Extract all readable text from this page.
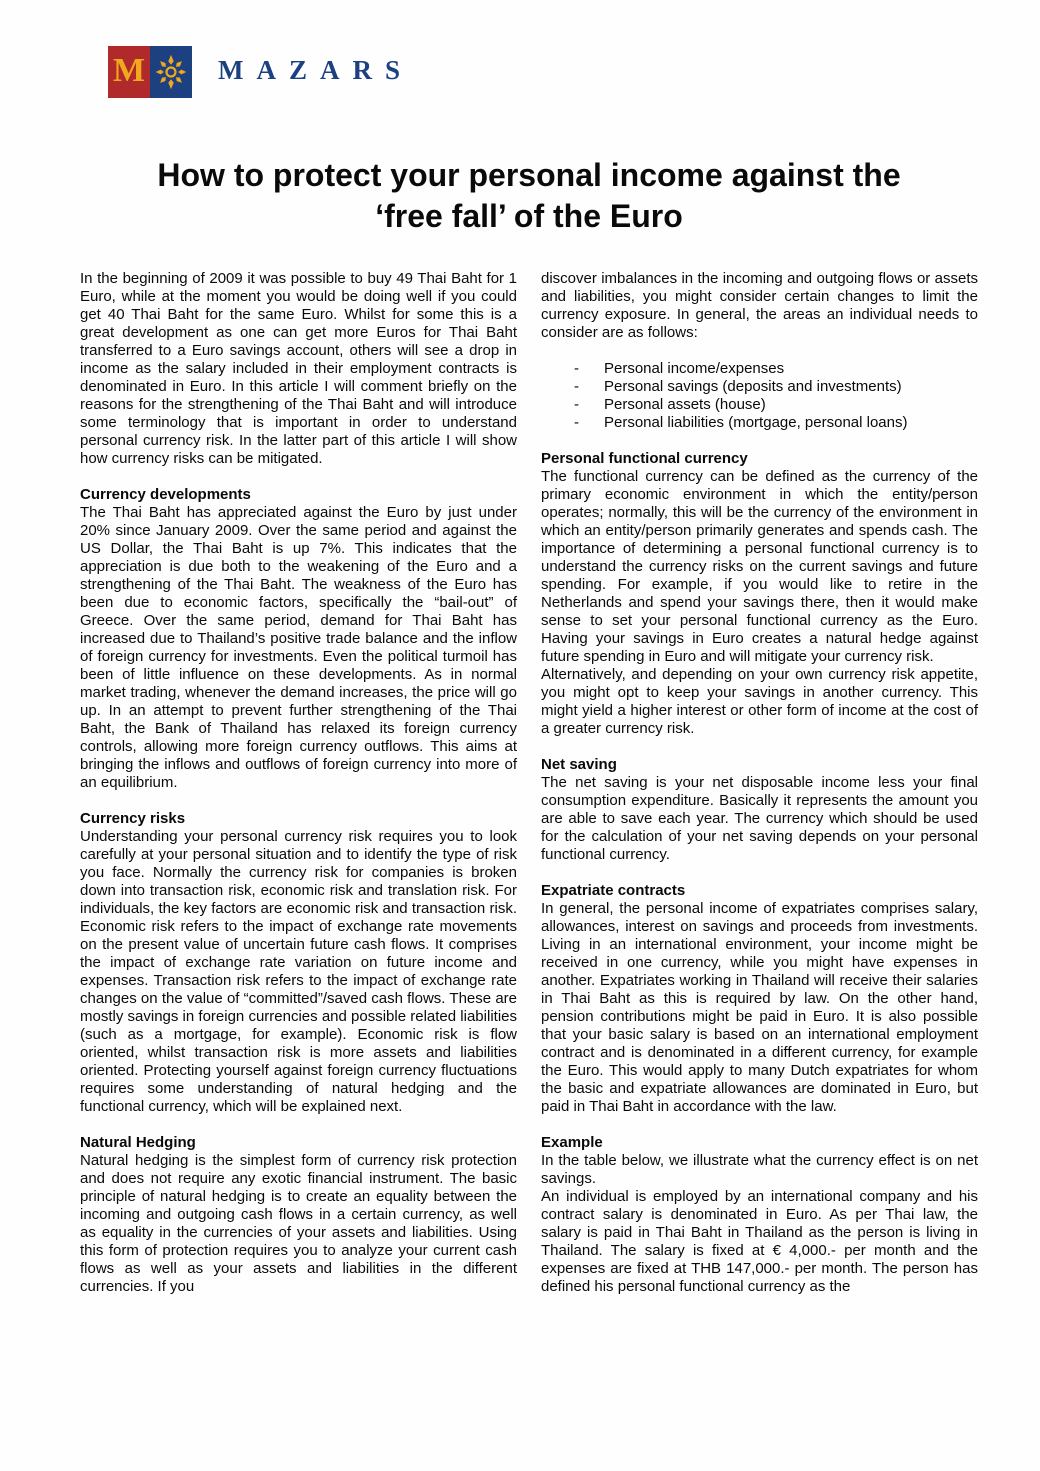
M	MAZARS
How to protect your personal income against the
‘free fall’ of the Euro

In the beginning of 2009 it was possible to buy 49 Thai Baht for 1 Euro, while at the moment you would be doing well if you could get 40 Thai Baht for the same Euro. Whilst for some this is a great development as one can get more Euros for Thai Baht transferred to a Euro savings account, others will see a drop in income as the salary included in their employment contracts is denominated in Euro. In this article I will comment briefly on the reasons for the strengthening of the Thai Baht and will introduce some terminology that is important in order to understand personal currency risk. In the latter part of this article I will show how currency risks can be mitigated.

Currency developments

The Thai Baht has appreciated against the Euro by just under 20% since January 2009. Over the same period and against the US Dollar, the Thai Baht is up 7%. This indicates that the appreciation is due both to the weakening of the Euro and a strengthening of the Thai Baht. The weakness of the Euro has been due to economic factors, specifically the “bail-out” of Greece. Over the same period, demand for Thai Baht has increased due to Thailand’s positive trade balance and the inflow of foreign currency for investments. Even the political turmoil has been of little influence on these developments. As in normal market trading, whenever the demand increases, the price will go up. In an attempt to prevent further strengthening of the Thai Baht, the Bank of Thailand has relaxed its foreign currency controls, allowing more foreign currency outflows. This aims at bringing the inflows and outflows of foreign currency into more of an equilibrium.

Currency risks

Understanding your personal currency risk requires you to look carefully at your personal situation and to identify the type of risk you face. Normally the currency risk for companies is broken down into transaction risk, economic risk and translation risk. For individuals, the key factors are economic risk and transaction risk. Economic risk refers to the impact of exchange rate movements on the present value of uncertain future cash flows. It comprises the impact of exchange rate variation on future income and expenses. Transaction risk refers to the impact of exchange rate changes on the value of “committed”/saved cash flows. These are mostly savings in foreign currencies and possible related liabilities (such as a mortgage, for example). Economic risk is flow oriented, whilst transaction risk is more assets and liabilities oriented. Protecting yourself against foreign currency fluctuations requires some understanding of natural hedging and the functional currency, which will be explained next.

Natural Hedging

Natural hedging is the simplest form of currency risk protection and does not require any exotic financial instrument. The basic principle of natural hedging is to create an equality between the incoming and outgoing cash flows in a certain currency, as well as equality in the currencies of your assets and liabilities. Using this form of protection requires you to analyze your current cash flows as well as your assets and liabilities in the different currencies. If you

discover imbalances in the incoming and outgoing flows or assets and liabilities, you might consider certain changes to limit the currency exposure. In general, the areas an individual needs to consider are as follows:

-	Personal income/expenses
-	Personal savings (deposits and investments)
-	Personal assets (house)
-	Personal liabilities (mortgage, personal loans)
Personal functional currency

The functional currency can be defined as the currency of the primary economic environment in which the entity/person operates; normally, this will be the currency of the environment in which an entity/person primarily generates and spends cash. The importance of determining a personal functional currency is to understand the currency risks on the current savings and future spending. For example, if you would like to retire in the Netherlands and spend your savings there, then it would make sense to set your personal functional currency as the Euro. Having your savings in Euro creates a natural hedge against future spending in Euro and will mitigate your currency risk.

Alternatively, and depending on your own currency risk appetite, you might opt to keep your savings in another currency. This might yield a higher interest or other form of income at the cost of a greater currency risk.

Net saving

The net saving is your net disposable income less your final consumption expenditure. Basically it represents the amount you are able to save each year. The currency which should be used for the calculation of your net saving depends on your personal functional currency.

Expatriate contracts

In general, the personal income of expatriates comprises salary, allowances, interest on savings and proceeds from investments. Living in an international environment, your income might be received in one currency, while you might have expenses in another. Expatriates working in Thailand will receive their salaries in Thai Baht as this is required by law. On the other hand, pension contributions might be paid in Euro. It is also possible that your basic salary is based on an international employment contract and is denominated in a different currency, for example the Euro. This would apply to many Dutch expatriates for whom the basic and expatriate allowances are dominated in Euro, but paid in Thai Baht in accordance with the law.

Example

In the table below, we illustrate what the currency effect is on net savings.

An individual is employed by an international company and his contract salary is denominated in Euro. As per Thai law, the salary is paid in Thai Baht in Thailand as the person is living in Thailand. The salary is fixed at € 4,000.- per month and the expenses are fixed at THB 147,000.- per month. The person has defined his personal functional currency as the
